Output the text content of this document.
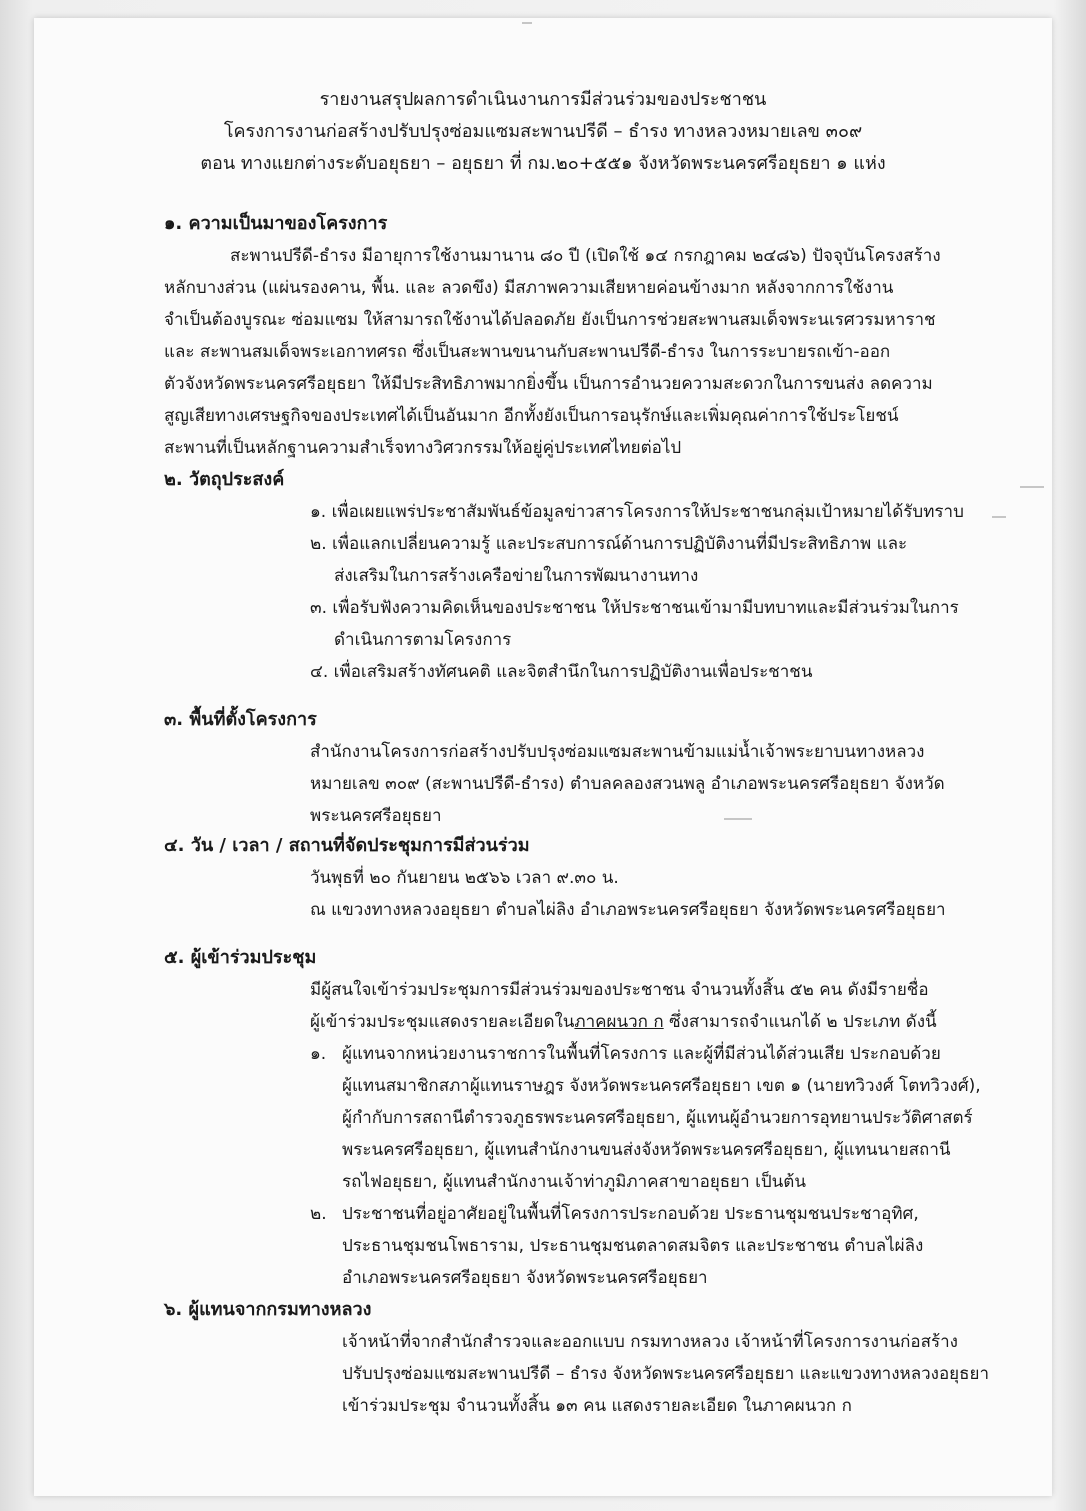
รายงานสรุปผลการดำเนินงานการมีส่วนร่วมของประชาชน
โครงการงานก่อสร้างปรับปรุงซ่อมแซมสะพานปรีดี – ธำรง ทางหลวงหมายเลข ๓๐๙
ตอน ทางแยกต่างระดับอยุธยา – อยุธยา ที่ กม.๒๐+๕๕๑ จังหวัดพระนครศรีอยุธยา ๑ แห่ง
๑. ความเป็นมาของโครงการ
สะพานปรีดี-ธำรง มีอายุการใช้งานมานาน ๘๐ ปี (เปิดใช้ ๑๔ กรกฎาคม ๒๔๘๖) ปัจจุบันโครงสร้าง
หลักบางส่วน (แผ่นรองคาน, พื้น. และ ลวดขึง) มีสภาพความเสียหายค่อนข้างมาก หลังจากการใช้งาน
จำเป็นต้องบูรณะ ซ่อมแซม ให้สามารถใช้งานได้ปลอดภัย ยังเป็นการช่วยสะพานสมเด็จพระนเรศวรมหาราช
และ สะพานสมเด็จพระเอกาทศรถ ซึ่งเป็นสะพานขนานกับสะพานปรีดี-ธำรง ในการระบายรถเข้า-ออก
ตัวจังหวัดพระนครศรีอยุธยา ให้มีประสิทธิภาพมากยิ่งขึ้น เป็นการอำนวยความสะดวกในการขนส่ง ลดความ
สูญเสียทางเศรษฐกิจของประเทศได้เป็นอันมาก อีกทั้งยังเป็นการอนุรักษ์และเพิ่มคุณค่าการใช้ประโยชน์
สะพานที่เป็นหลักฐานความสำเร็จทางวิศวกรรมให้อยู่คู่ประเทศไทยต่อไป
๒. วัตถุประสงค์
๑. เพื่อเผยแพร่ประชาสัมพันธ์ข้อมูลข่าวสารโครงการให้ประชาชนกลุ่มเป้าหมายได้รับทราบ
๒. เพื่อแลกเปลี่ยนความรู้ และประสบการณ์ด้านการปฏิบัติงานที่มีประสิทธิภาพ และ
ส่งเสริมในการสร้างเครือข่ายในการพัฒนางานทาง
๓. เพื่อรับฟังความคิดเห็นของประชาชน ให้ประชาชนเข้ามามีบทบาทและมีส่วนร่วมในการ
ดำเนินการตามโครงการ
๔. เพื่อเสริมสร้างทัศนคติ และจิตสำนึกในการปฏิบัติงานเพื่อประชาชน
๓. พื้นที่ตั้งโครงการ
สำนักงานโครงการก่อสร้างปรับปรุงซ่อมแซมสะพานข้ามแม่น้ำเจ้าพระยาบนทางหลวง
หมายเลข ๓๐๙ (สะพานปรีดี-ธำรง) ตำบลคลองสวนพลู อำเภอพระนครศรีอยุธยา จังหวัด
พระนครศรีอยุธยา
๔. วัน / เวลา / สถานที่จัดประชุมการมีส่วนร่วม
วันพุธที่ ๒๐ กันยายน ๒๕๖๖ เวลา ๙.๓๐ น.
ณ แขวงทางหลวงอยุธยา ตำบลไผ่ลิง อำเภอพระนครศรีอยุธยา จังหวัดพระนครศรีอยุธยา
๕. ผู้เข้าร่วมประชุม
มีผู้สนใจเข้าร่วมประชุมการมีส่วนร่วมของประชาชน จำนวนทั้งสิ้น ๕๒ คน ดังมีรายชื่อ
ผู้เข้าร่วมประชุมแสดงรายละเอียดในภาคผนวก ก ซึ่งสามารถจำแนกได้ ๒ ประเภท ดังนี้
๑. ผู้แทนจากหน่วยงานราชการในพื้นที่โครงการ และผู้ที่มีส่วนได้ส่วนเสีย ประกอบด้วย
ผู้แทนสมาชิกสภาผู้แทนราษฎร จังหวัดพระนครศรีอยุธยา เขต ๑ (นายทวิวงศ์ โตทวิวงศ์),
ผู้กำกับการสถานีตำรวจภูธรพระนครศรีอยุธยา, ผู้แทนผู้อำนวยการอุทยานประวัติศาสตร์
พระนครศรีอยุธยา, ผู้แทนสำนักงานขนส่งจังหวัดพระนครศรีอยุธยา, ผู้แทนนายสถานี
รถไฟอยุธยา, ผู้แทนสำนักงานเจ้าท่าภูมิภาคสาขาอยุธยา เป็นต้น
๒. ประชาชนที่อยู่อาศัยอยู่ในพื้นที่โครงการประกอบด้วย ประธานชุมชนประชาอุทิศ,
ประธานชุมชนโพธาราม, ประธานชุมชนตลาดสมจิตร และประชาชน ตำบลไผ่ลิง
อำเภอพระนครศรีอยุธยา จังหวัดพระนครศรีอยุธยา
๖. ผู้แทนจากกรมทางหลวง
เจ้าหน้าที่จากสำนักสำรวจและออกแบบ กรมทางหลวง เจ้าหน้าที่โครงการงานก่อสร้าง
ปรับปรุงซ่อมแซมสะพานปรีดี – ธำรง จังหวัดพระนครศรีอยุธยา และแขวงทางหลวงอยุธยา
เข้าร่วมประชุม จำนวนทั้งสิ้น ๑๓ คน แสดงรายละเอียด ในภาคผนวก ก
